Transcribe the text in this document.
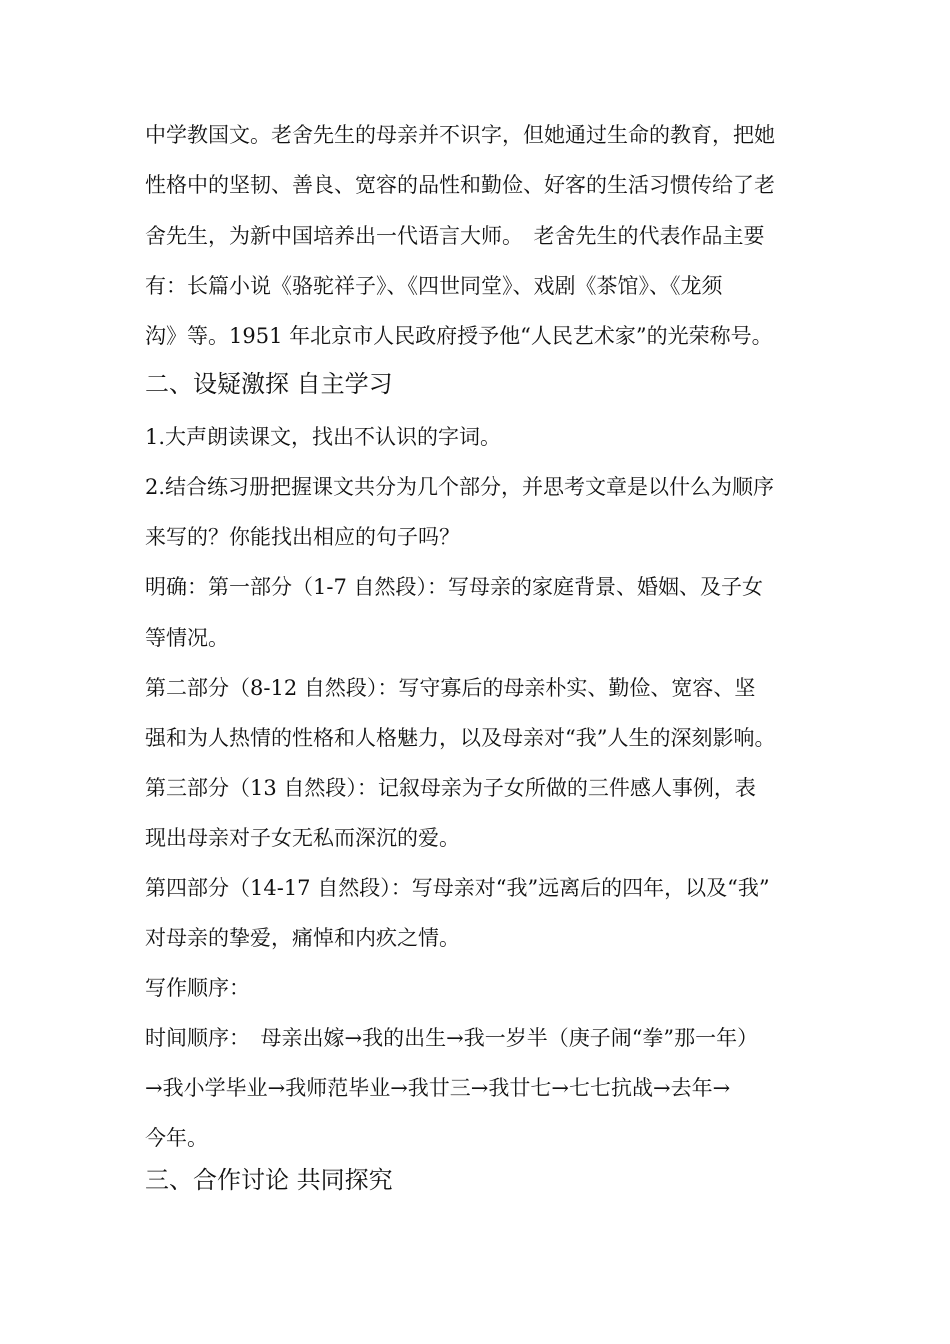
中学教国文。老舍先生的母亲并不识字，但她通过生命的教育，把她
性格中的坚韧、善良、宽容的品性和勤俭、好客的生活习惯传给了老
舍先生，为新中国培养出一代语言大师。　老舍先生的代表作品主要
有：长篇小说《骆驼祥子》、《四世同堂》、戏剧《茶馆》、《龙须
沟》等。1951 年北京市人民政府授予他“人民艺术家”的光荣称号。
二、设疑激探 自主学习
1.大声朗读课文，找出不认识的字词。
2.结合练习册把握课文共分为几个部分，并思考文章是以什么为顺序
来写的？你能找出相应的句子吗？
明确：第一部分（1-7 自然段）：写母亲的家庭背景、婚姻、及子女
等情况。
第二部分（8-12 自然段）：写守寡后的母亲朴实、勤俭、宽容、坚
强和为人热情的性格和人格魅力，以及母亲对“我”人生的深刻影响。
第三部分（13 自然段）：记叙母亲为子女所做的三件感人事例，表
现出母亲对子女无私而深沉的爱。
第四部分（14-17 自然段）：写母亲对“我”远离后的四年，以及“我”
对母亲的挚爱，痛悼和内疚之情。
写作顺序：
时间顺序：　母亲出嫁→我的出生→我一岁半（庚子闹“拳”那一年）
→我小学毕业→我师范毕业→我廿三→我廿七→七七抗战→去年→
今年。
三、合作讨论 共同探究
